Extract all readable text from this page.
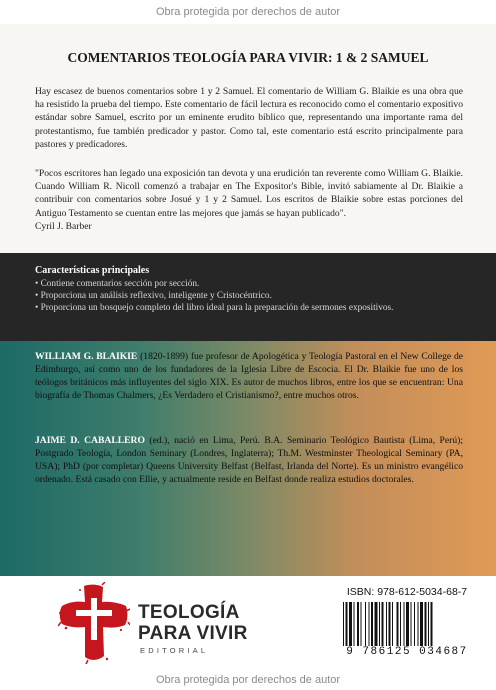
Obra protegida por derechos de autor
COMENTARIOS TEOLOGÍA PARA VIVIR: 1 & 2 SAMUEL

Hay escasez de buenos comentarios sobre 1 y 2 Samuel. El comentario de William G. Blaikie es una obra que ha resistido la prueba del tiempo. Este comentario de fácil lectura es reconocido como el comentario expositivo estándar sobre Samuel, escrito por un eminente erudito bíblico que, representando una importante rama del protestantismo, fue también predicador y pastor. Como tal, este comentario está escrito principalmente para pastores y predicadores.

"Pocos escritores han legado una exposición tan devota y una erudición tan reverente como William G. Blaikie. Cuando William R. Nicoll comenzó a trabajar en The Expositor's Bible, invitó sabiamente al Dr. Blaikie a contribuir con comentarios sobre Josué y 1 y 2 Samuel. Los escritos de Blaikie sobre estas porciones del Antiguo Testamento se cuentan entre las mejores que jamás se hayan publicado".

Cyril J. Barber

Características principales
• Contiene comentarios sección por sección.
• Proporciona un análisis reflexivo, inteligente y Cristocéntrico.
• Proporciona un bosquejo completo del libro ideal para la preparación de sermones expositivos.

WILLIAM G. BLAIKIE (1820-1899) fue profesor de Apologética y Teología Pastoral en el New College de Edimburgo, así como uno de los fundadores de la Iglesia Libre de Escocia. El Dr. Blaikie fue uno de los teólogos británicos más influyentes del siglo XIX. Es autor de muchos libros, entre los que se encuentran: Una biografía de Thomas Chalmers, ¿Es Verdadero el Cristianismo?, entre muchos otros.

JAIME D. CABALLERO (ed.), nació en Lima, Perú. B.A. Seminario Teológico Bautista (Lima, Perú); Postgrado Teología, London Seminary (Londres, Inglaterra); Th.M. Westminster Theological Seminary (PA, USA); PhD (por completar) Queens University Belfast (Belfast, Irlanda del Norte). Es un ministro evangélico ordenado. Está casado con Ellie, y actualmente reside en Belfast donde realiza estudios doctorales.

TEOLOGÍA
PARA VIVIR
EDITORIAL
ISBN: 978-612-5034-68-7
9 786125 034687
Obra protegida por derechos de autor
